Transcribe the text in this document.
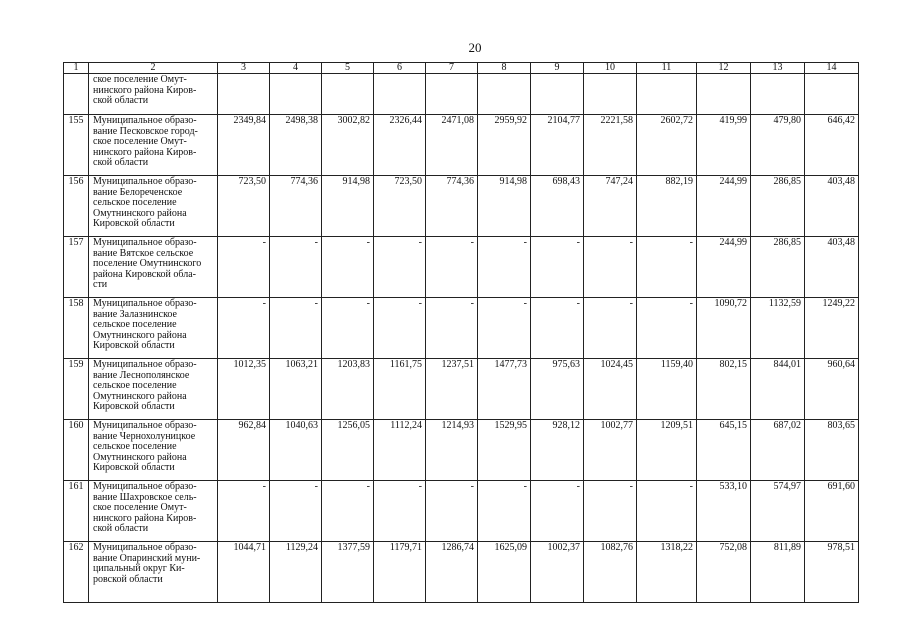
20
1	2	3	4	5	6	7	8	9	10	11	12	13	14

	ское поселение Омут-
нинского района Киров-
ской области												

155	Муниципальное образо-
вание Песковское город-
ское поселение Омут-
нинского района Киров-
ской области	2349,84	2498,38	3002,82	2326,44	2471,08	2959,92	2104,77	2221,58	2602,72	419,99	479,80	646,42
156	Муниципальное образо-
вание Белореченское
сельское поселение
Омутнинского района
Кировской области	723,50	774,36	914,98	723,50	774,36	914,98	698,43	747,24	882,19	244,99	286,85	403,48
157	Муниципальное образо-
вание Вятское сельское
поселение Омутнинского
района Кировской обла-
сти	-	-	-	-	-	-	-	-	-	244,99	286,85	403,48
158	Муниципальное образо-
вание Залазнинское
сельское поселение
Омутнинского района
Кировской области	-	-	-	-	-	-	-	-	-	1090,72	1132,59	1249,22
159	Муниципальное образо-
вание Леснополянское
сельское поселение
Омутнинского района
Кировской области	1012,35	1063,21	1203,83	1161,75	1237,51	1477,73	975,63	1024,45	1159,40	802,15	844,01	960,64
160	Муниципальное образо-
вание Чернохолуницкое
сельское поселение
Омутнинского района
Кировской области	962,84	1040,63	1256,05	1112,24	1214,93	1529,95	928,12	1002,77	1209,51	645,15	687,02	803,65
161	Муниципальное образо-
вание Шахровское сель-
ское поселение Омут-
нинского района Киров-
ской области	-	-	-	-	-	-	-	-	-	533,10	574,97	691,60
162	Муниципальное образо-
вание Опаринский муни-
ципальный округ Ки-
ровской области	1044,71	1129,24	1377,59	1179,71	1286,74	1625,09	1002,37	1082,76	1318,22	752,08	811,89	978,51
